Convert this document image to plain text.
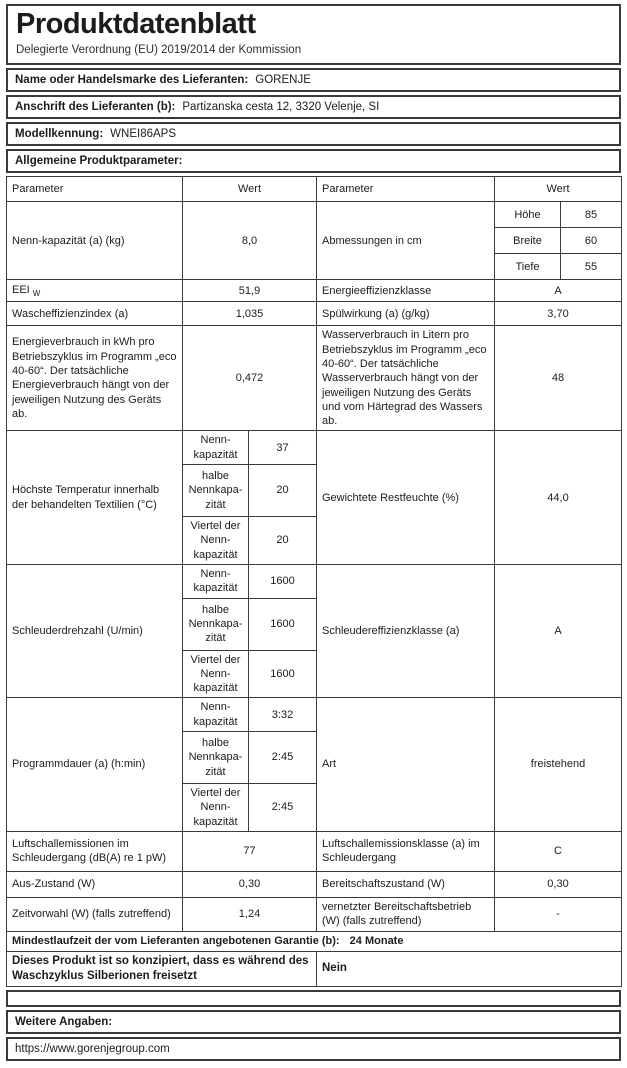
Produktdatenblatt
Delegierte Verordnung (EU) 2019/2014 der Kommission
Name oder Handelsmarke des Lieferanten: GORENJE
Anschrift des Lieferanten (b): Partizanska cesta 12, 3320 Velenje, SI
Modellkennung: WNEI86APS
Allgemeine Produktparameter:
Parameter	Wert		Parameter	Wert	
Nenn-kapazität (a) (kg)	8,0		Abmessungen in cm	Höhe	85
				Breite	60
				Tiefe	55
EEI $_W$	51,9		Energieeffizienzklasse	A	
Wascheffizienzindex (a)	1,035		Spülwirkung (a) (g/kg)	3,70	
Energieverbrauch in kWh pro Betriebszyklus im Programm „eco 40-60“. Der tatsächliche Energieverbrauch hängt von der jeweiligen Nutzung des Geräts ab.	0,472		Wasserverbrauch in Litern pro Betriebszyklus im Programm „eco 40-60“. Der tatsächliche Wasserverbrauch hängt von der jeweiligen Nutzung des Geräts und vom Härtegrad des Wassers ab.	48	
Höchste Temperatur innerhalb der behandelten Textilien (°C)	Nenn-kapazität	37	Gewichtete Restfeuchte (%)	44,0	
	halbe Nennkapa-zität	20			
	Viertel der Nenn-kapazität	20			
Schleuderdrehzahl (U/min)	Nenn-kapazität	1600	Schleudereffizienzklasse (a)	A	
	halbe Nennkapa-zität	1600			
	Viertel der Nenn-kapazität	1600			
Programmdauer (a) (h:min)	Nenn-kapazität	3:32	Art	freistehend	
	halbe Nennkapa-zität	2:45			
	Viertel der Nenn-kapazität	2:45			
Luftschallemissionen im Schleudergang (dB(A) re 1 pW)	77		Luftschallemissionsklasse (a) im Schleudergang	C	
Aus-Zustand (W)	0,30		Bereitschaftszustand (W)	0,30	
Zeitvorwahl (W) (falls zutreffend)	1,24		vernetzter Bereitschaftsbetrieb (W) (falls zutreffend)	-	
Mindestlaufzeit der vom Lieferanten angebotenen Garantie (b): 24 Monate					
Dieses Produkt ist so konzipiert, dass es während des Waschzyklus Silberionen freisetzt			Nein		
Weitere Angaben:
https://www.gorenjegroup.com
